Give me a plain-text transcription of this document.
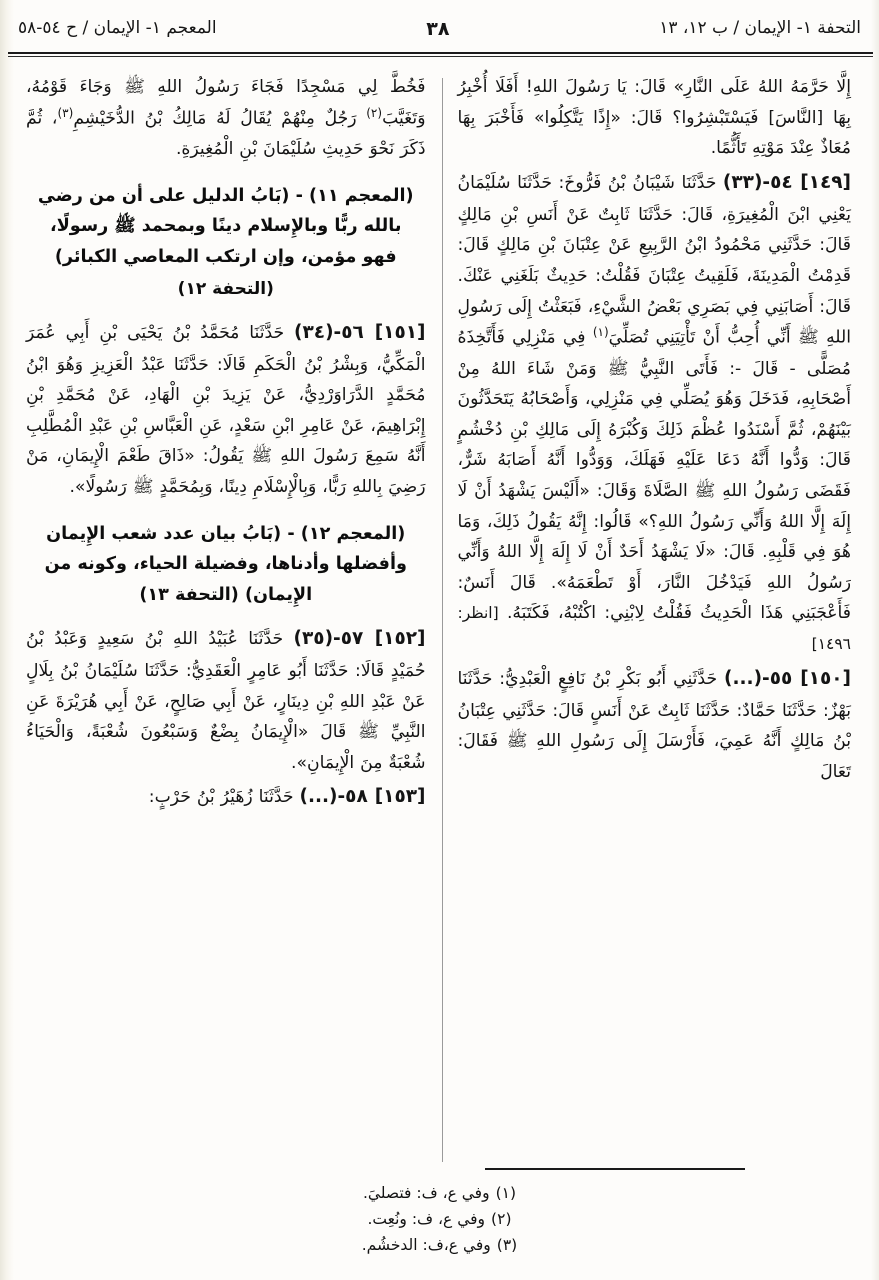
المعجم ١- الإيمان / ح ٥٤-٥٨	٣٨	التحفة ١- الإيمان / ب ١٢، ١٣

إِلَّا حَرَّمَهُ اللهُ عَلَى النَّارِ» قَالَ: يَا رَسُولَ اللهِ! أَفَلَا أُخْبِرُ بِهَا [النَّاسَ] فَيَسْتَبْشِرُوا؟ قَالَ: «إِذًا يَتَّكِلُوا» فَأَخْبَرَ بِهَا مُعَاذٌ عِنْدَ مَوْتِهِ تَأَثُّمًا.

[١٤٩] ٥٤-(٣٣) حَدَّثَنَا شَيْبَانُ بْنُ فَرُّوخَ: حَدَّثَنَا سُلَيْمَانُ يَعْنِي ابْنَ الْمُغِيرَةِ، قَالَ: حَدَّثَنَا ثَابِتٌ عَنْ أَنَسِ بْنِ مَالِكٍ قَالَ: حَدَّثَنِي مَحْمُودُ ابْنُ الرَّبِيعِ عَنْ عِتْبَانَ بْنِ مَالِكٍ قَالَ: قَدِمْتُ الْمَدِينَةَ، فَلَقِيتُ عِتْبَانَ فَقُلْتُ: حَدِيثٌ بَلَغَنِي عَنْكَ. قَالَ: أَصَابَنِي فِي بَصَرِي بَعْضُ الشَّيْءِ، فَبَعَثْتُ إِلَى رَسُولِ اللهِ ﷺ أَنِّي أُحِبُّ أَنْ تَأْتِيَنِي تُصَلِّيَ$^{(١)}$ فِي مَنْزِلِي فَأَتَّخِذَهُ مُصَلًّى - قَالَ -: فَأَتَى النَّبِيُّ ﷺ وَمَنْ شَاءَ اللهُ مِنْ أَصْحَابِهِ، فَدَخَلَ وَهُوَ يُصَلِّي فِي مَنْزِلِي، وَأَصْحَابُهُ يَتَحَدَّثُونَ بَيْنَهُمْ، ثُمَّ أَسْنَدُوا عُظْمَ ذَلِكَ وَكُبْرَهُ إِلَى مَالِكِ بْنِ دُخْشُمٍ قَالَ: وَدُّوا أَنَّهُ دَعَا عَلَيْهِ فَهَلَكَ، وَوَدُّوا أَنَّهُ أَصَابَهُ شَرٌّ، فَقَضَى رَسُولُ اللهِ ﷺ الصَّلَاةَ وَقَالَ: «أَلَيْسَ يَشْهَدُ أَنْ لَا إِلَهَ إِلَّا اللهُ وَأَنِّي رَسُولُ اللهِ؟» قَالُوا: إِنَّهُ يَقُولُ ذَلِكَ، وَمَا هُوَ فِي قَلْبِهِ. قَالَ: «لَا يَشْهَدُ أَحَدٌ أَنْ لَا إِلَهَ إِلَّا اللهُ وَأَنِّي رَسُولُ اللهِ فَيَدْخُلَ النَّارَ، أَوْ تَطْعَمَهُ». قَالَ أَنَسٌ: فَأَعْجَبَنِي هَذَا الْحَدِيثُ فَقُلْتُ لِابْنِي: اكْتُبْهُ، فَكَتَبَهُ. [انظر: ١٤٩٦]

[١٥٠] ٥٥-(...) حَدَّثَنِي أَبُو بَكْرِ بْنُ نَافِعٍ الْعَبْدِيُّ: حَدَّثَنَا بَهْزٌ: حَدَّثَنَا حَمَّادٌ: حَدَّثَنَا ثَابِتٌ عَنْ أَنَسٍ قَالَ: حَدَّثَنِي عِتْبَانُ بْنُ مَالِكٍ أَنَّهُ عَمِيَ، فَأَرْسَلَ إِلَى رَسُولِ اللهِ ﷺ فَقَالَ: تَعَالَ

فَخُطَّ لِي مَسْجِدًا فَجَاءَ رَسُولُ اللهِ ﷺ وَجَاءَ قَوْمُهُ، وَتَغَيَّبَ$^{(٢)}$ رَجُلٌ مِنْهُمْ يُقَالُ لَهُ مَالِكُ بْنُ الدُّخَيْشِمِ$^{(٣)}$، ثُمَّ ذَكَرَ نَحْوَ حَدِيثِ سُلَيْمَانَ بْنِ الْمُغِيرَةِ.

(المعجم ١١) - (بَابُ الدليل على أن من رضي
بالله ربًّا وبالإِسلام دينًا وبمحمد ﷺ رسولًا،
فهو مؤمن، وإن ارتكب المعاصي الكبائر)
(التحفة ١٢)

[١٥١] ٥٦-(٣٤) حَدَّثَنَا مُحَمَّدُ بْنُ يَحْيَى بْنِ أَبِي عُمَرَ الْمَكِّيُّ، وَبِشْرُ بْنُ الْحَكَمِ قَالَا: حَدَّثَنَا عَبْدُ الْعَزِيزِ وَهُوَ ابْنُ مُحَمَّدٍ الدَّرَاوَرْدِيُّ، عَنْ يَزِيدَ بْنِ الْهَادِ، عَنْ مُحَمَّدِ بْنِ إِبْرَاهِيمَ، عَنْ عَامِرِ ابْنِ سَعْدٍ، عَنِ الْعَبَّاسِ بْنِ عَبْدِ الْمُطَّلِبِ أَنَّهُ سَمِعَ رَسُولَ اللهِ ﷺ يَقُولُ: «ذَاقَ طَعْمَ الْإِيمَانِ، مَنْ رَضِيَ بِاللهِ رَبًّا، وَبِالْإِسْلَامِ دِينًا، وَبِمُحَمَّدٍ ﷺ رَسُولًا».

(المعجم ١٢) - (بَابُ بيان عدد شعب الإِيمان
وأفضلها وأدناها، وفضيلة الحياء، وكونه من
الإِيمان) (التحفة ١٣)

[١٥٢] ٥٧-(٣٥) حَدَّثَنَا عُبَيْدُ اللهِ بْنُ سَعِيدٍ وَعَبْدُ بْنُ حُمَيْدٍ قَالَا: حَدَّثَنَا أَبُو عَامِرٍ الْعَقَدِيُّ: حَدَّثَنَا سُلَيْمَانُ بْنُ بِلَالٍ عَنْ عَبْدِ اللهِ بْنِ دِينَارٍ، عَنْ أَبِي صَالِحٍ، عَنْ أَبِي هُرَيْرَةَ عَنِ النَّبِيِّ ﷺ قَالَ «الْإِيمَانُ بِضْعٌ وَسَبْعُونَ شُعْبَةً، وَالْحَيَاءُ شُعْبَةٌ مِنَ الْإِيمَانِ».

[١٥٣] ٥٨-(...) حَدَّثَنَا زُهَيْرُ بْنُ حَرْبٍ:

(١)وفي ع، ف: فتصليَ.
(٢)وفي ع، ف: ونُعِت.
(٣)وفي ع،ف: الدخشُم.
